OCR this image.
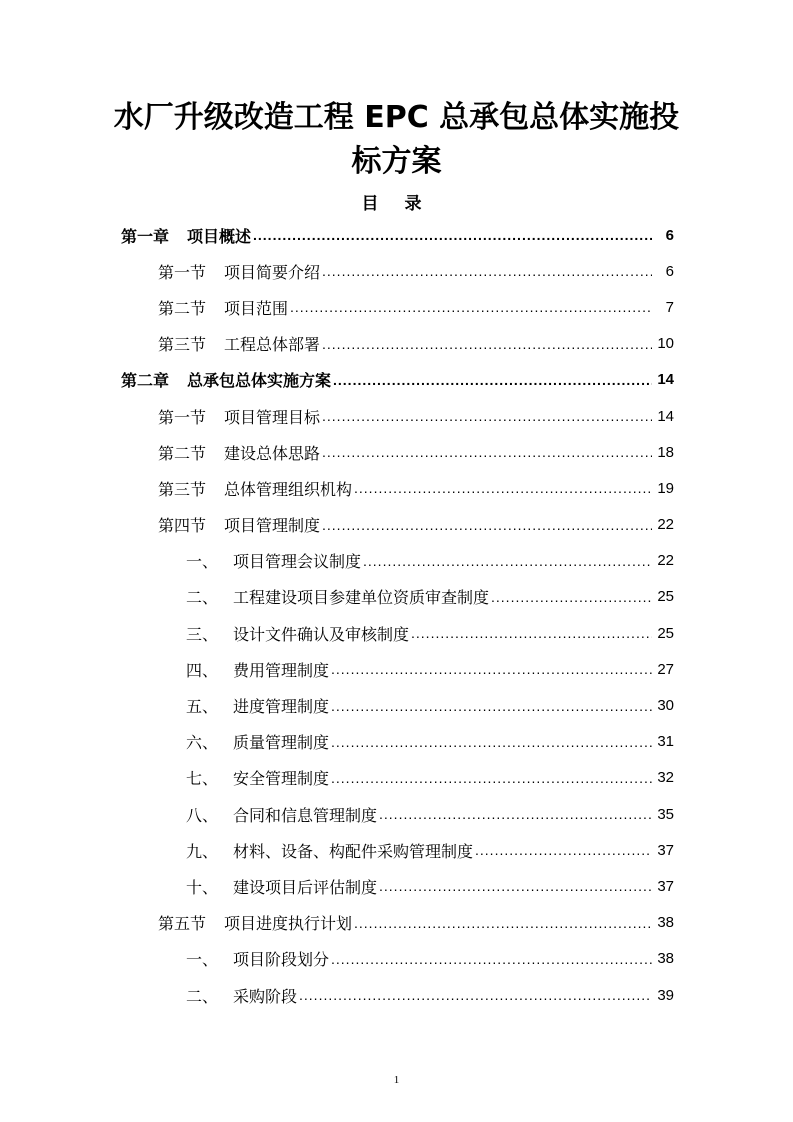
水厂升级改造工程 EPC 总承包总体实施投标方案
目 录
第一章	项目概述 .....	6
第一节	项目简要介绍 .....	6
第二节	项目范围 .....	7
第三节	工程总体部署 .....	10
第二章	总承包总体实施方案 .....	14
第一节	项目管理目标 .....	14
第二节	建设总体思路 .....	18
第三节	总体管理组织机构 .....	19
第四节	项目管理制度 .....	22
一、 项目管理会议制度 .....	22
二、 工程建设项目参建单位资质审查制度 .....	25
三、 设计文件确认及审核制度 .....	25
四、 费用管理制度 .....	27
五、 进度管理制度 .....	30
六、 质量管理制度 .....	31
七、 安全管理制度 .....	32
八、 合同和信息管理制度 .....	35
九、 材料、设备、构配件采购管理制度 .....	37
十、 建设项目后评估制度 .....	37
第五节	项目进度执行计划 .....	38
一、 项目阶段划分 .....	38
二、 采购阶段 .....	39
1
